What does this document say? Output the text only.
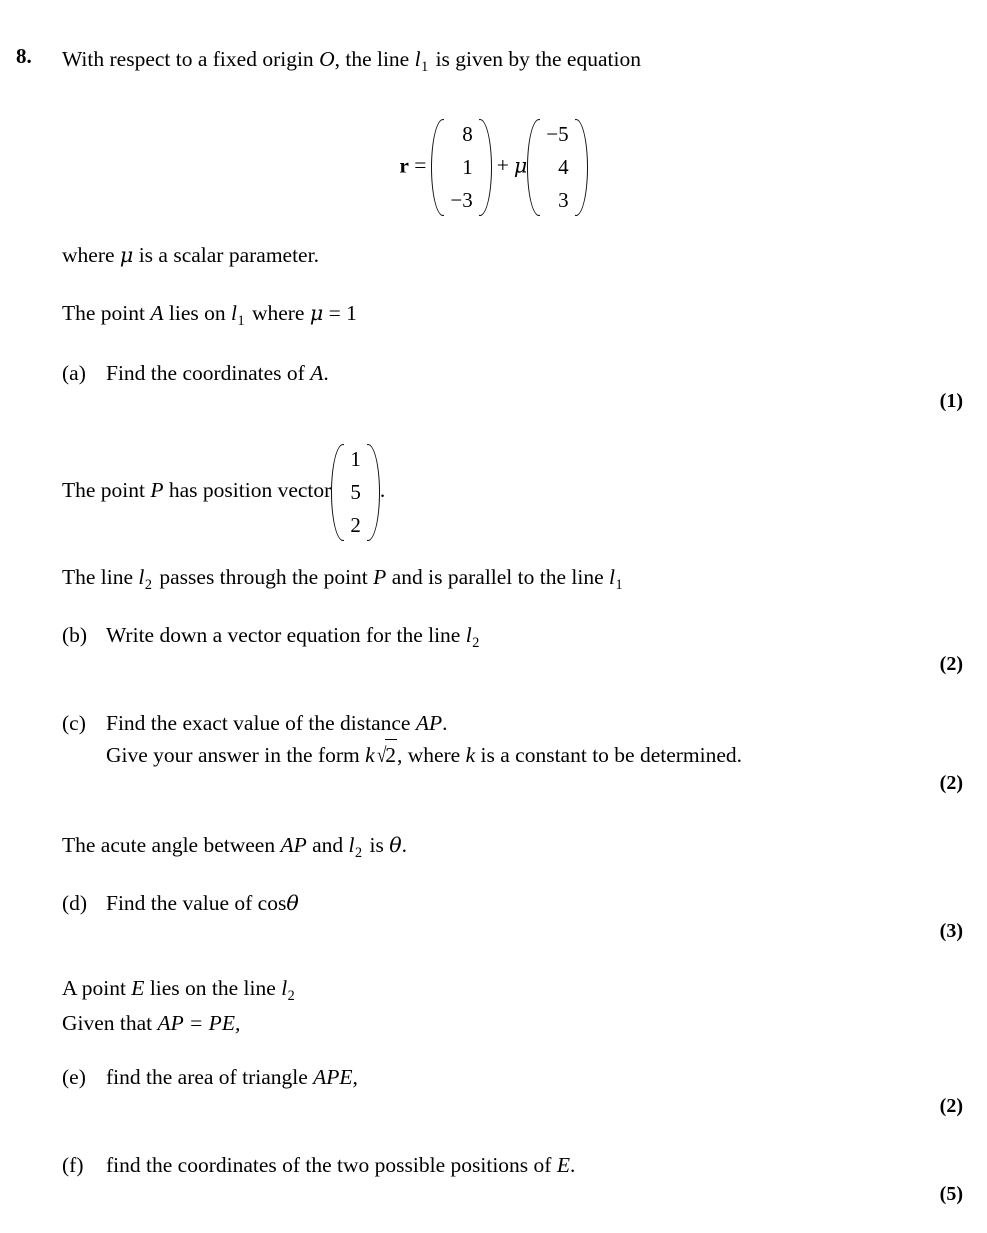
8. With respect to a fixed origin O, the line $l_1$ is given by the equation
r =
8
1
−3
+ μ
−5
4
3
where μ is a scalar parameter.
The point A lies on $l_1$ where μ = 1
(a) Find the coordinates of A.
(1)
The point P has position vector
1
5
2
.
The line $l_2$ passes through the point P and is parallel to the line $l_1$
(b) Write down a vector equation for the line $l_2$
(2)
(c) Find the exact value of the distance AP.
Give your answer in the form k√2, where k is a constant to be determined.
(2)
The acute angle between AP and $l_2$ is θ.
(d) Find the value of cosθ
(3)
A point E lies on the line $l_2$
Given that AP = PE,
(e) find the area of triangle APE,
(2)
(f) find the coordinates of the two possible positions of E.
(5)
